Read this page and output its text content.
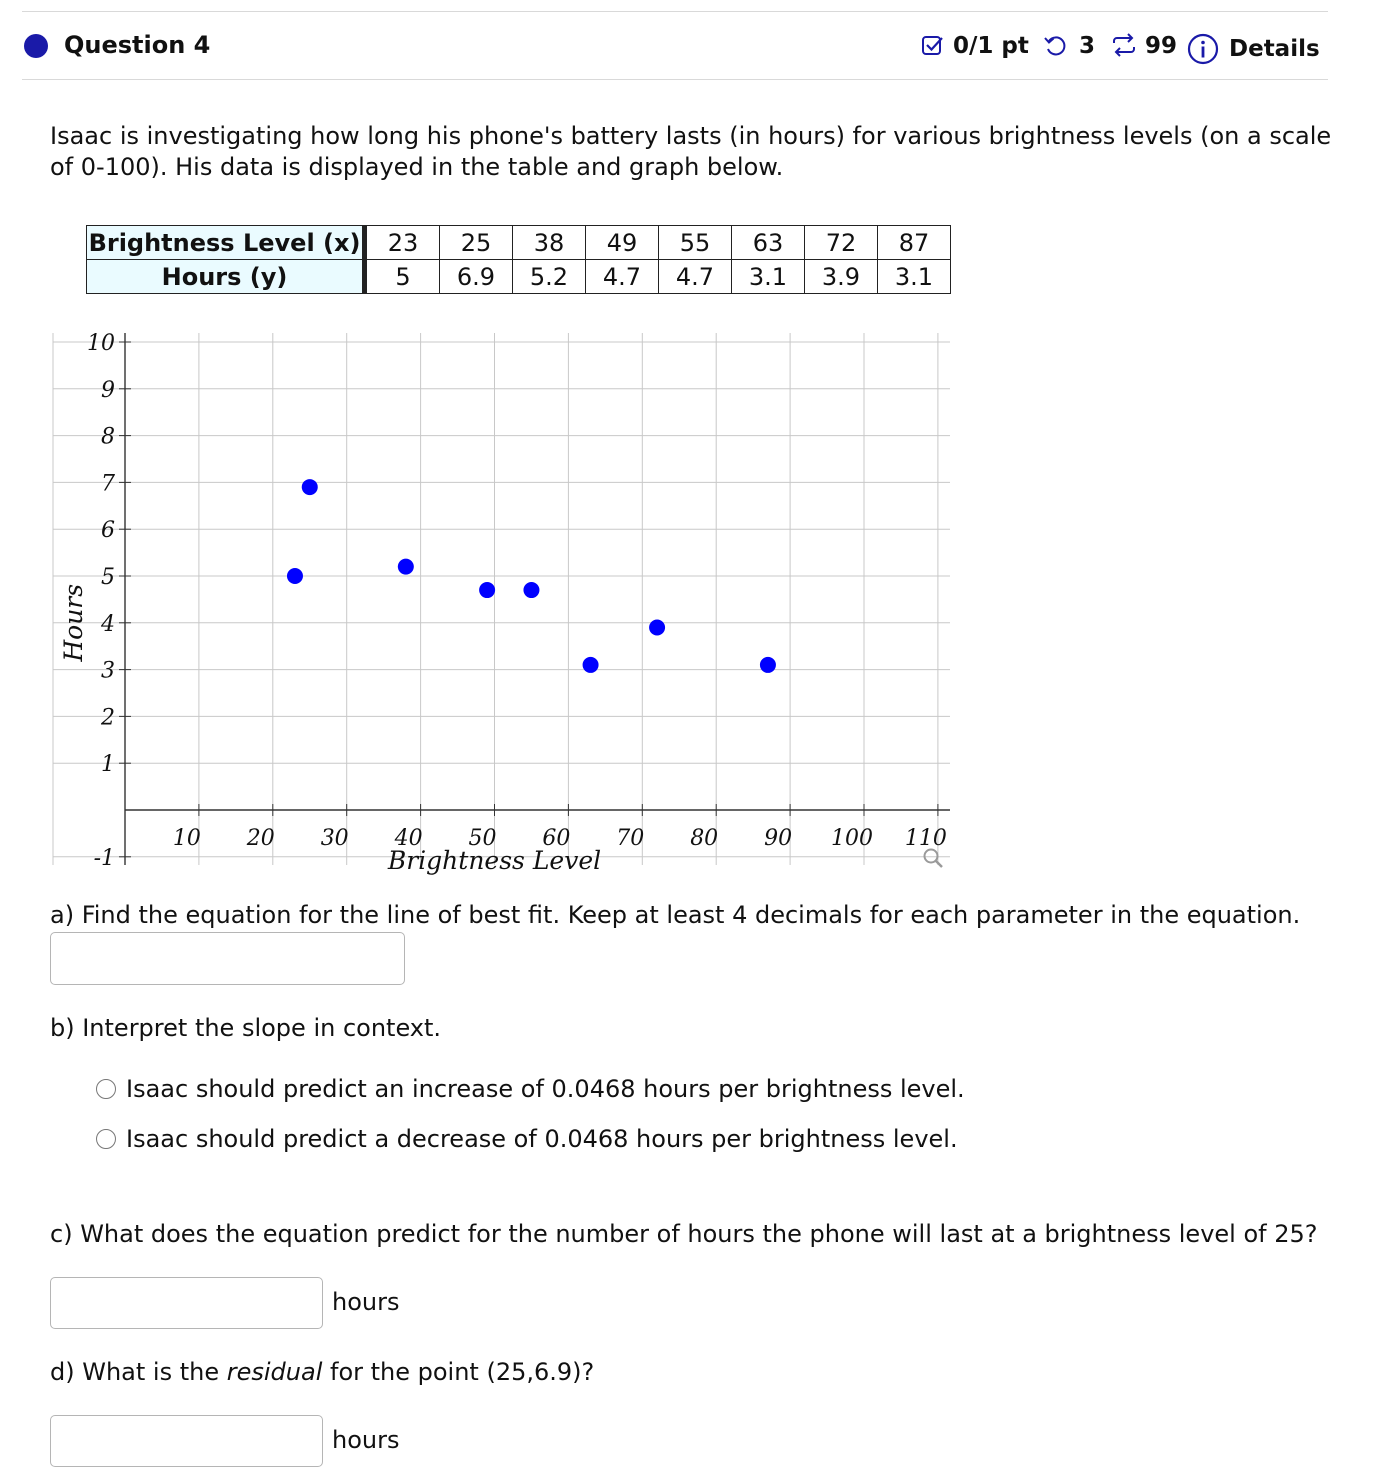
Question 4	0/1 pt 3 99 Details
Isaac is investigating how long his phone's battery lasts (in hours) for various brightness levels (on a scale of 0-100). His data is displayed in the table and graph below.
Brightness Level (x)	23	25	38	49	55	63	72	87
Hours (y)	5	6.9	5.2	4.7	4.7	3.1	3.9	3.1
10 20 30 40 50 60 70 80 90 100 110
10
9
8
7
6
5
4
3
2
1
-1	Brightness Level
Hours
a) Find the equation for the line of best fit. Keep at least 4 decimals for each parameter in the equation.
b) Interpret the slope in context.
Isaac should predict an increase of 0.0468 hours per brightness level.
Isaac should predict a decrease of 0.0468 hours per brightness level.
c) What does the equation predict for the number of hours the phone will last at a brightness level of 25?
hours
d) What is the residual for the point (25,6.9)?
hours
